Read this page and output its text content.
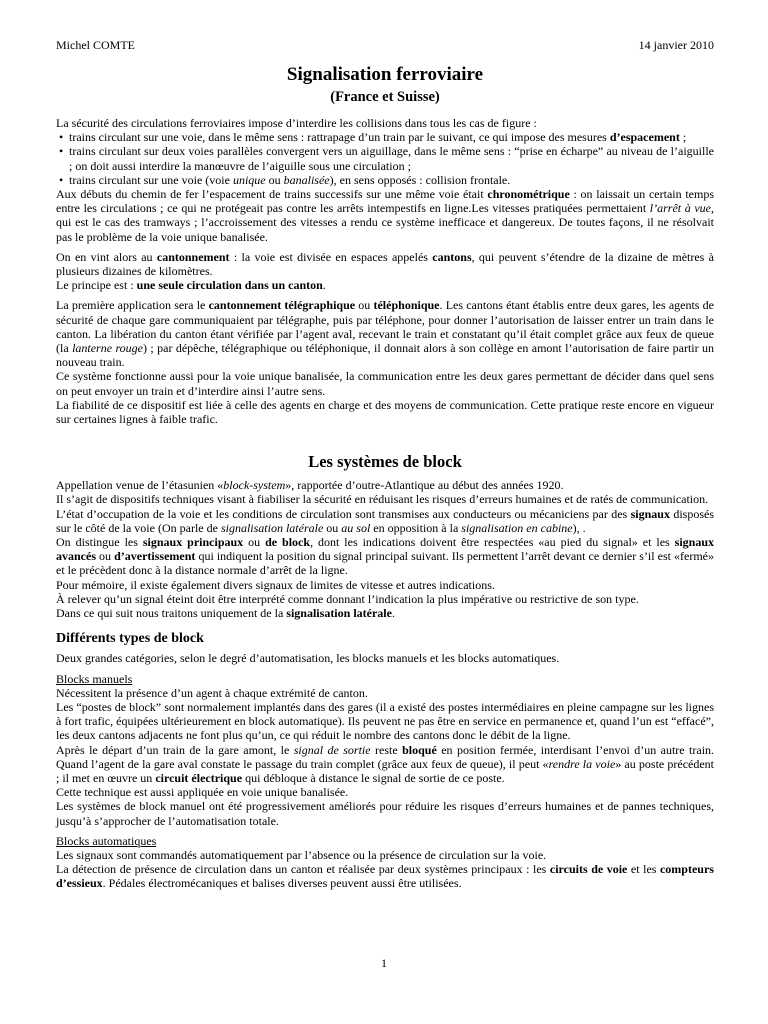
Michel COMTE	14 janvier 2010
Signalisation ferroviaire
(France et Suisse)

La sécurité des circulations ferroviaires impose d’interdire les collisions dans tous les cas de figure :

• trains circulant sur une voie, dans le même sens : rattrapage d’un train par le suivant, ce qui impose des mesures d’espacement ;
• trains circulant sur deux voies parallèles convergent vers un aiguillage, dans le même sens : “prise en écharpe” au niveau de l’aiguille ; on doit aussi interdire la manœuvre de l’aiguille sous une circulation ;
• trains circulant sur une voie (voie unique ou banalisée), en sens opposés : collision frontale.

Aux débuts du chemin de fer l’espacement de trains successifs sur une même voie était chronométrique : on laissait un certain temps entre les circulations ; ce qui ne protégeait pas contre les arrêts intempestifs en ligne.Les vitesses pratiquées permettaient l’arrêt à vue, qui est le cas des tramways ; l’accroissement des vitesses a rendu ce système inefficace et dangereux. De toutes façons, il ne résolvait pas le problème de la voie unique banalisée.

On en vint alors au cantonnement : la voie est divisée en espaces appelés cantons, qui peuvent s’étendre de la dizaine de mètres à plusieurs dizaines de kilomètres.

Le principe est : une seule circulation dans un canton.

La première application sera le cantonnement télégraphique ou téléphonique. Les cantons étant établis entre deux gares, les agents de sécurité de chaque gare communiquaient par télégraphe, puis par téléphone, pour donner l’autorisation de laisser entrer un train dans le canton. La libération du canton étant vérifiée par l’agent aval, recevant le train et constatant qu’il était complet grâce aux feux de queue (la lanterne rouge) ; par dépêche, télégraphique ou téléphonique, il donnait alors à son collège en amont l’autorisation de faire partir un nouveau train.

Ce système fonctionne aussi pour la voie unique banalisée, la communication entre les deux gares permettant de décider dans quel sens on peut envoyer un train et d’interdire ainsi l’autre sens.

La fiabilité de ce dispositif est liée à celle des agents en charge et des moyens de communication. Cette pratique reste encore en vigueur sur certaines lignes à faible trafic.

Les systèmes de block

Appellation venue de l’étasunien «block-system», rapportée d’outre-Atlantique au début des années 1920.

Il s’agit de dispositifs techniques visant à fiabiliser la sécurité en réduisant les risques d’erreurs humaines et de ratés de communication.

L’état d’occupation de la voie et les conditions de circulation sont transmises aux conducteurs ou mécaniciens par des signaux disposés sur le côté de la voie (On parle de signalisation latérale ou au sol en opposition à la signalisation en cabine), .

On distingue les signaux principaux ou de block, dont les indications doivent être respectées «au pied du signal» et les signaux avancés ou d’avertissement qui indiquent la position du signal principal suivant. Ils permettent l’arrêt devant ce dernier s’il est «fermé» et le précèdent donc à la distance normale d’arrêt de la ligne.

Pour mémoire, il existe également divers signaux de limites de vitesse et autres indications.

À relever qu’un signal éteint doit être interprété comme donnant l’indication la plus impérative ou restrictive de son type.

Dans ce qui suit nous traitons uniquement de la signalisation latérale.

Différents types de block

Deux grandes catégories, selon le degré d’automatisation, les blocks manuels et les blocks automatiques.

Blocks manuels

Nécessitent la présence d’un agent à chaque extrémité de canton.

Les “postes de block” sont normalement implantés dans des gares (il a existé des postes intermédiaires en pleine campagne sur les lignes à fort trafic, équipées ultérieurement en block automatique). Ils peuvent ne pas être en service en permanence et, quand l’un est “effacé”, les deux cantons adjacents ne font plus qu’un, ce qui réduit le nombre des cantons donc le débit de la ligne.

Après le départ d’un train de la gare amont, le signal de sortie reste bloqué en position fermée, interdisant l’envoi d’un autre train. Quand l’agent de la gare aval constate le passage du train complet (grâce aux feux de queue), il peut «rendre la voie» au poste précédent ; il met en œuvre un circuit électrique qui débloque à distance le signal de sortie de ce poste.

Cette technique est aussi appliquée en voie unique banalisée.

Les systèmes de block manuel ont été progressivement améliorés pour réduire les risques d’erreurs humaines et de pannes techniques, jusqu’à s’approcher de l’automatisation totale.

Blocks automatiques

Les signaux sont commandés automatiquement par l’absence ou la présence de circulation sur la voie.

La détection de présence de circulation dans un canton et réalisée par deux systèmes principaux : les circuits de voie et les compteurs d’essieux. Pédales électromécaniques et balises diverses peuvent aussi être utilisées.

1
